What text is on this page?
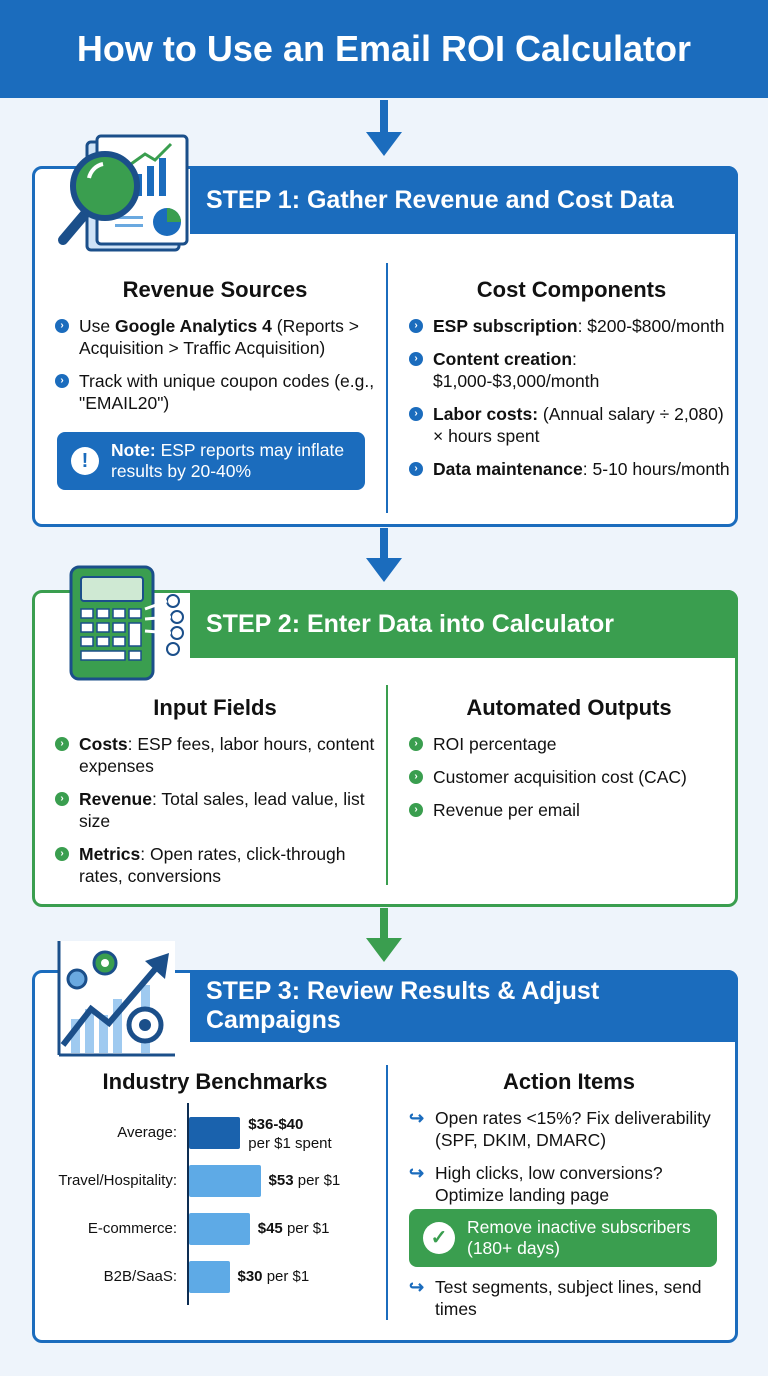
How to Use an Email ROI Calculator
STEP 1: Gather Revenue and Cost Data
Revenue Sources
› Use Google Analytics 4 (Reports > Acquisition > Traffic Acquisition)
› Track with unique coupon codes (e.g., "EMAIL20")
!	Note: ESP reports may inflate results by 20-40%
Cost Components
› ESP subscription: $200-$800/month
› Content creation: $1,000-$3,000/month
› Labor costs: (Annual salary ÷ 2,080) × hours spent
› Data maintenance: 5-10 hours/month
STEP 2: Enter Data into Calculator
Input Fields
› Costs: ESP fees, labor hours, content expenses
› Revenue: Total sales, lead value, list size
› Metrics: Open rates, click-through rates, conversions
Automated Outputs
› ROI percentage
› Customer acquisition cost (CAC)
› Revenue per email
STEP 3: Review Results & Adjust Campaigns
Industry Benchmarks
Average:	$36-$40
per $1 spent
Travel/Hospitality:	$53 per $1
E-commerce:	$45 per $1
B2B/SaaS:	$30 per $1
Action Items
↪ Open rates <15%? Fix deliverability (SPF, DKIM, DMARC)
↪ High clicks, low conversions? Optimize landing page
✓	Remove inactive subscribers (180+ days)
↪ Test segments, subject lines, send times
